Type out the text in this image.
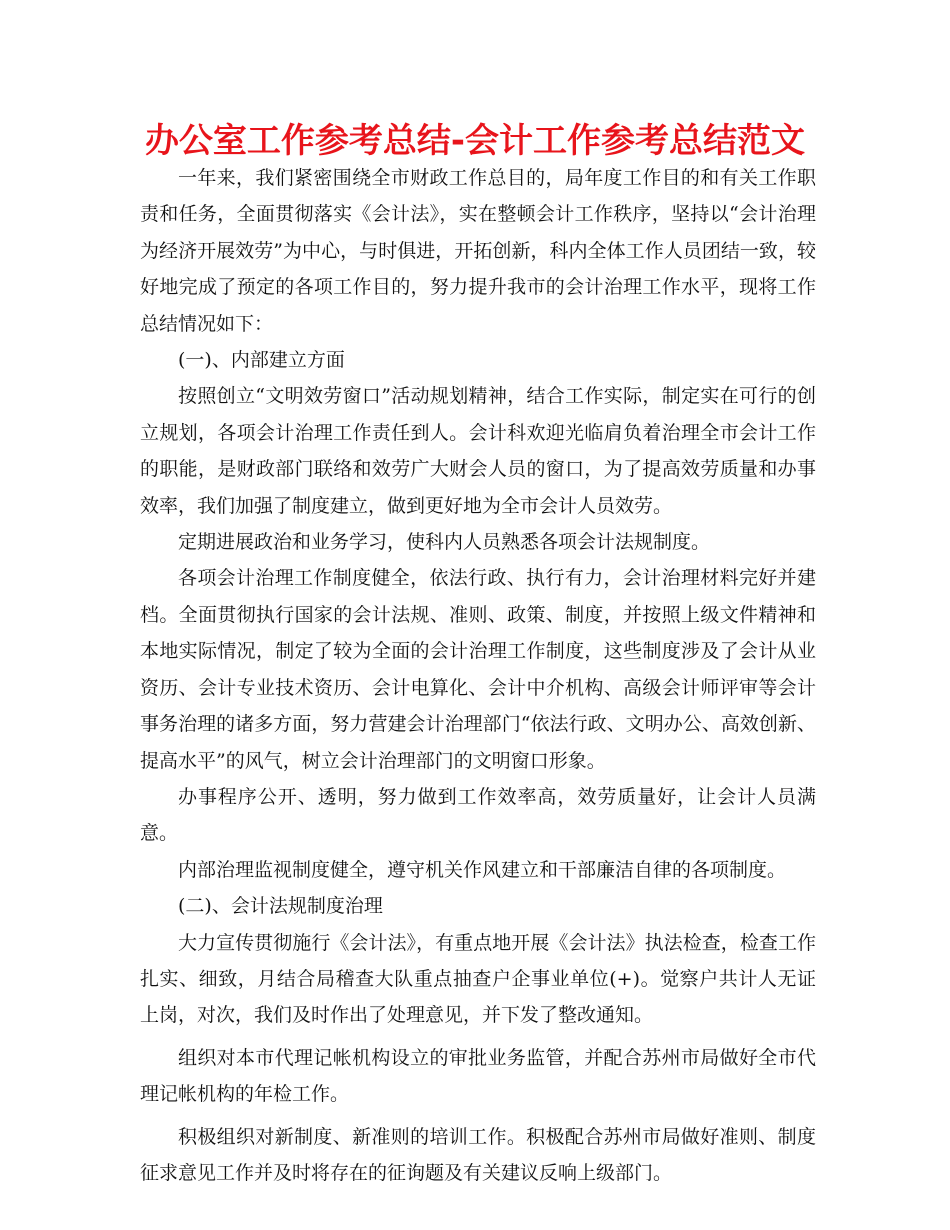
办公室工作参考总结-会计工作参考总结范文

一年来，我们紧密围绕全市财政工作总目的，局年度工作目的和有关工作职责和任务，全面贯彻落实《会计法》，实在整顿会计工作秩序，坚持以“会计治理为经济开展效劳”为中心，与时俱进，开拓创新，科内全体工作人员团结一致，较好地完成了预定的各项工作目的，努力提升我市的会计治理工作水平，现将工作总结情况如下：

(一)、内部建立方面

按照创立“文明效劳窗口”活动规划精神，结合工作实际，制定实在可行的创立规划，各项会计治理工作责任到人。会计科欢迎光临肩负着治理全市会计工作的职能，是财政部门联络和效劳广大财会人员的窗口，为了提高效劳质量和办事效率，我们加强了制度建立，做到更好地为全市会计人员效劳。

定期进展政治和业务学习，使科内人员熟悉各项会计法规制度。

各项会计治理工作制度健全，依法行政、执行有力，会计治理材料完好并建档。全面贯彻执行国家的会计法规、准则、政策、制度，并按照上级文件精神和本地实际情况，制定了较为全面的会计治理工作制度，这些制度涉及了会计从业资历、会计专业技术资历、会计电算化、会计中介机构、高级会计师评审等会计事务治理的诸多方面，努力营建会计治理部门“依法行政、文明办公、高效创新、提高水平”的风气，树立会计治理部门的文明窗口形象。

办事程序公开、透明，努力做到工作效率高，效劳质量好，让会计人员满意。

内部治理监视制度健全，遵守机关作风建立和干部廉洁自律的各项制度。

(二)、会计法规制度治理

大力宣传贯彻施行《会计法》，有重点地开展《会计法》执法检查，检查工作扎实、细致，月结合局稽查大队重点抽查户企事业单位(+)。觉察户共计人无证上岗，对次，我们及时作出了处理意见，并下发了整改通知。

组织对本市代理记帐机构设立的审批业务监管，并配合苏州市局做好全市代理记帐机构的年检工作。

积极组织对新制度、新准则的培训工作。积极配合苏州市局做好准则、制度征求意见工作并及时将存在的征询题及有关建议反响上级部门。
